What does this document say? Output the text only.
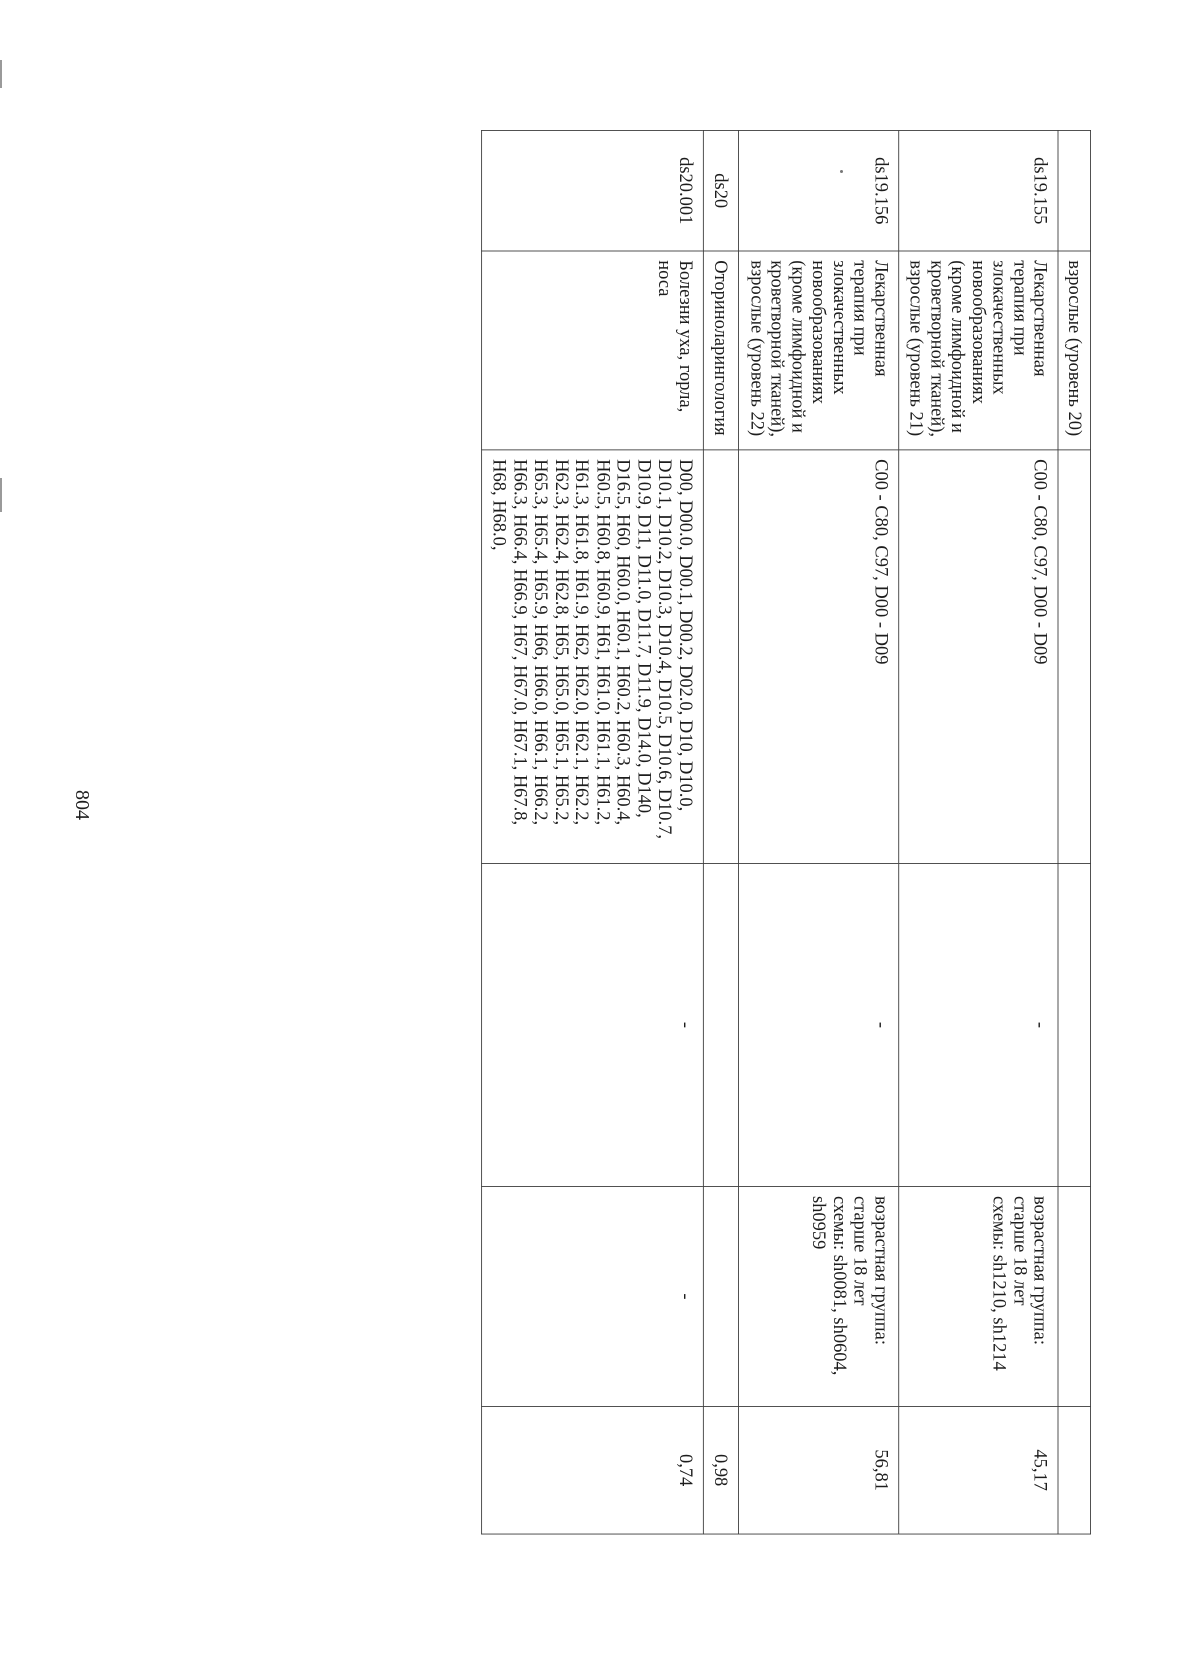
804
	взрослые (уровень 20)				
ds19.155	Лекарственная терапия при злокачественных новообразованиях (кроме лимфоидной и кроветворной тканей), взрослые (уровень 21)	C00 - C80, C97, D00 - D09	-	возрастная группа:
старше 18 лет
схемы: sh1210, sh1214	45,17
ds19.156	Лекарственная терапия при злокачественных новообразованиях (кроме лимфоидной и кроветворной тканей), взрослые (уровень 22)	C00 - C80, C97, D00 - D09	-	возрастная группа:
старше 18 лет
схемы: sh0081, sh0604, sh0959	56,81
ds20	Оториноларингология				0,98
ds20.001	Болезни уха, горла, носа	D00, D00.0, D00.1, D00.2, D02.0, D10, D10.0, D10.1, D10.2, D10.3, D10.4, D10.5, D10.6, D10.7, D10.9, D11, D11.0, D11.7, D11.9, D14.0, D140, D16.5, H60, H60.0, H60.1, H60.2, H60.3, H60.4, H60.5, H60.8, H60.9, H61, H61.0, H61.1, H61.2, H61.3, H61.8, H61.9, H62, H62.0, H62.1, H62.2, H62.3, H62.4, H62.8, H65, H65.0, H65.1, H65.2, H65.3, H65.4, H65.9, H66, H66.0, H66.1, H66.2, H66.3, H66.4, H66.9, H67, H67.0, H67.1, H67.8, H68, H68.0,	-	-	0,74
